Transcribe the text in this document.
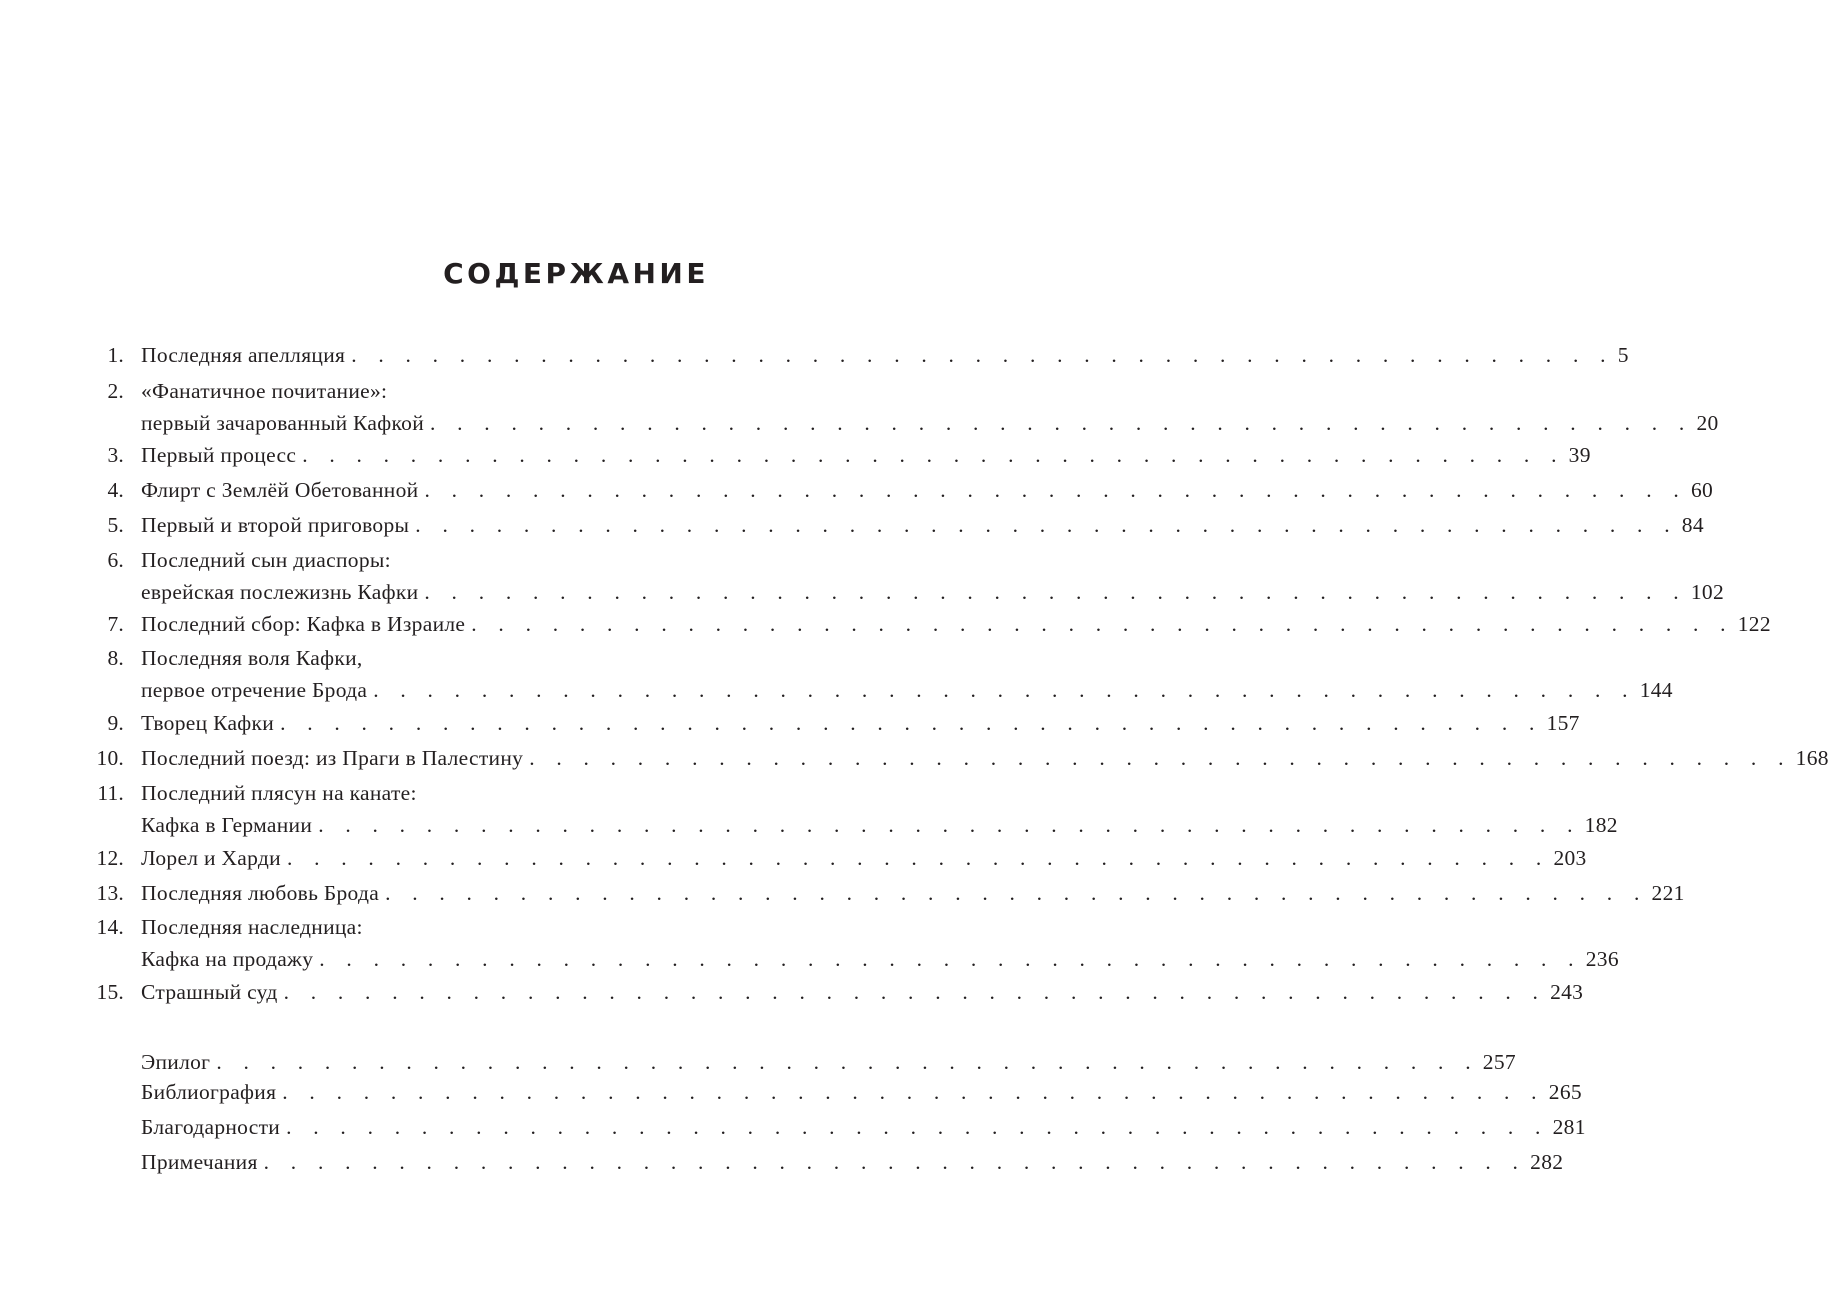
СОДЕРЖАНИЕ
1. Последняя апелляция . . . . . . . . . . . . . . . . . . . . . . . . . . . . . . . . . . . . . . . . . . . . . . . 5
2. «Фанатичное почитание»:
первый зачарованный Кафкой . . . . . . . . . . . . . . . . . . . . . . . . . . . . . . . . . . . . . . . . . . . . . . . 20
3. Первый процесс . . . . . . . . . . . . . . . . . . . . . . . . . . . . . . . . . . . . . . . . . . . . . . . 39
4. Флирт с Землёй Обетованной . . . . . . . . . . . . . . . . . . . . . . . . . . . . . . . . . . . . . . . . . . . . . . . 60
5. Первый и второй приговоры . . . . . . . . . . . . . . . . . . . . . . . . . . . . . . . . . . . . . . . . . . . . . . . 84
6. Последний сын диаспоры:
еврейская послежизнь Кафки . . . . . . . . . . . . . . . . . . . . . . . . . . . . . . . . . . . . . . . . . . . . . . . 102
7. Последний сбор: Кафка в Израиле . . . . . . . . . . . . . . . . . . . . . . . . . . . . . . . . . . . . . . . . . . . . . . . 122
8. Последняя воля Кафки,
первое отречение Брода . . . . . . . . . . . . . . . . . . . . . . . . . . . . . . . . . . . . . . . . . . . . . . . 144
9. Творец Кафки . . . . . . . . . . . . . . . . . . . . . . . . . . . . . . . . . . . . . . . . . . . . . . . 157
10. Последний поезд: из Праги в Палестину . . . . . . . . . . . . . . . . . . . . . . . . . . . . . . . . . . . . . . . . . . . . . . . 168
11. Последний плясун на канате:
Кафка в Германии . . . . . . . . . . . . . . . . . . . . . . . . . . . . . . . . . . . . . . . . . . . . . . . 182
12. Лорел и Харди . . . . . . . . . . . . . . . . . . . . . . . . . . . . . . . . . . . . . . . . . . . . . . . 203
13. Последняя любовь Брода . . . . . . . . . . . . . . . . . . . . . . . . . . . . . . . . . . . . . . . . . . . . . . . 221
14. Последняя наследница:
Кафка на продажу . . . . . . . . . . . . . . . . . . . . . . . . . . . . . . . . . . . . . . . . . . . . . . . 236
15. Страшный суд . . . . . . . . . . . . . . . . . . . . . . . . . . . . . . . . . . . . . . . . . . . . . . . 243
Эпилог . . . . . . . . . . . . . . . . . . . . . . . . . . . . . . . . . . . . . . . . . . . . . . . 257
Библиография . . . . . . . . . . . . . . . . . . . . . . . . . . . . . . . . . . . . . . . . . . . . . . . 265
Благодарности . . . . . . . . . . . . . . . . . . . . . . . . . . . . . . . . . . . . . . . . . . . . . . . 281
Примечания . . . . . . . . . . . . . . . . . . . . . . . . . . . . . . . . . . . . . . . . . . . . . . . 282
